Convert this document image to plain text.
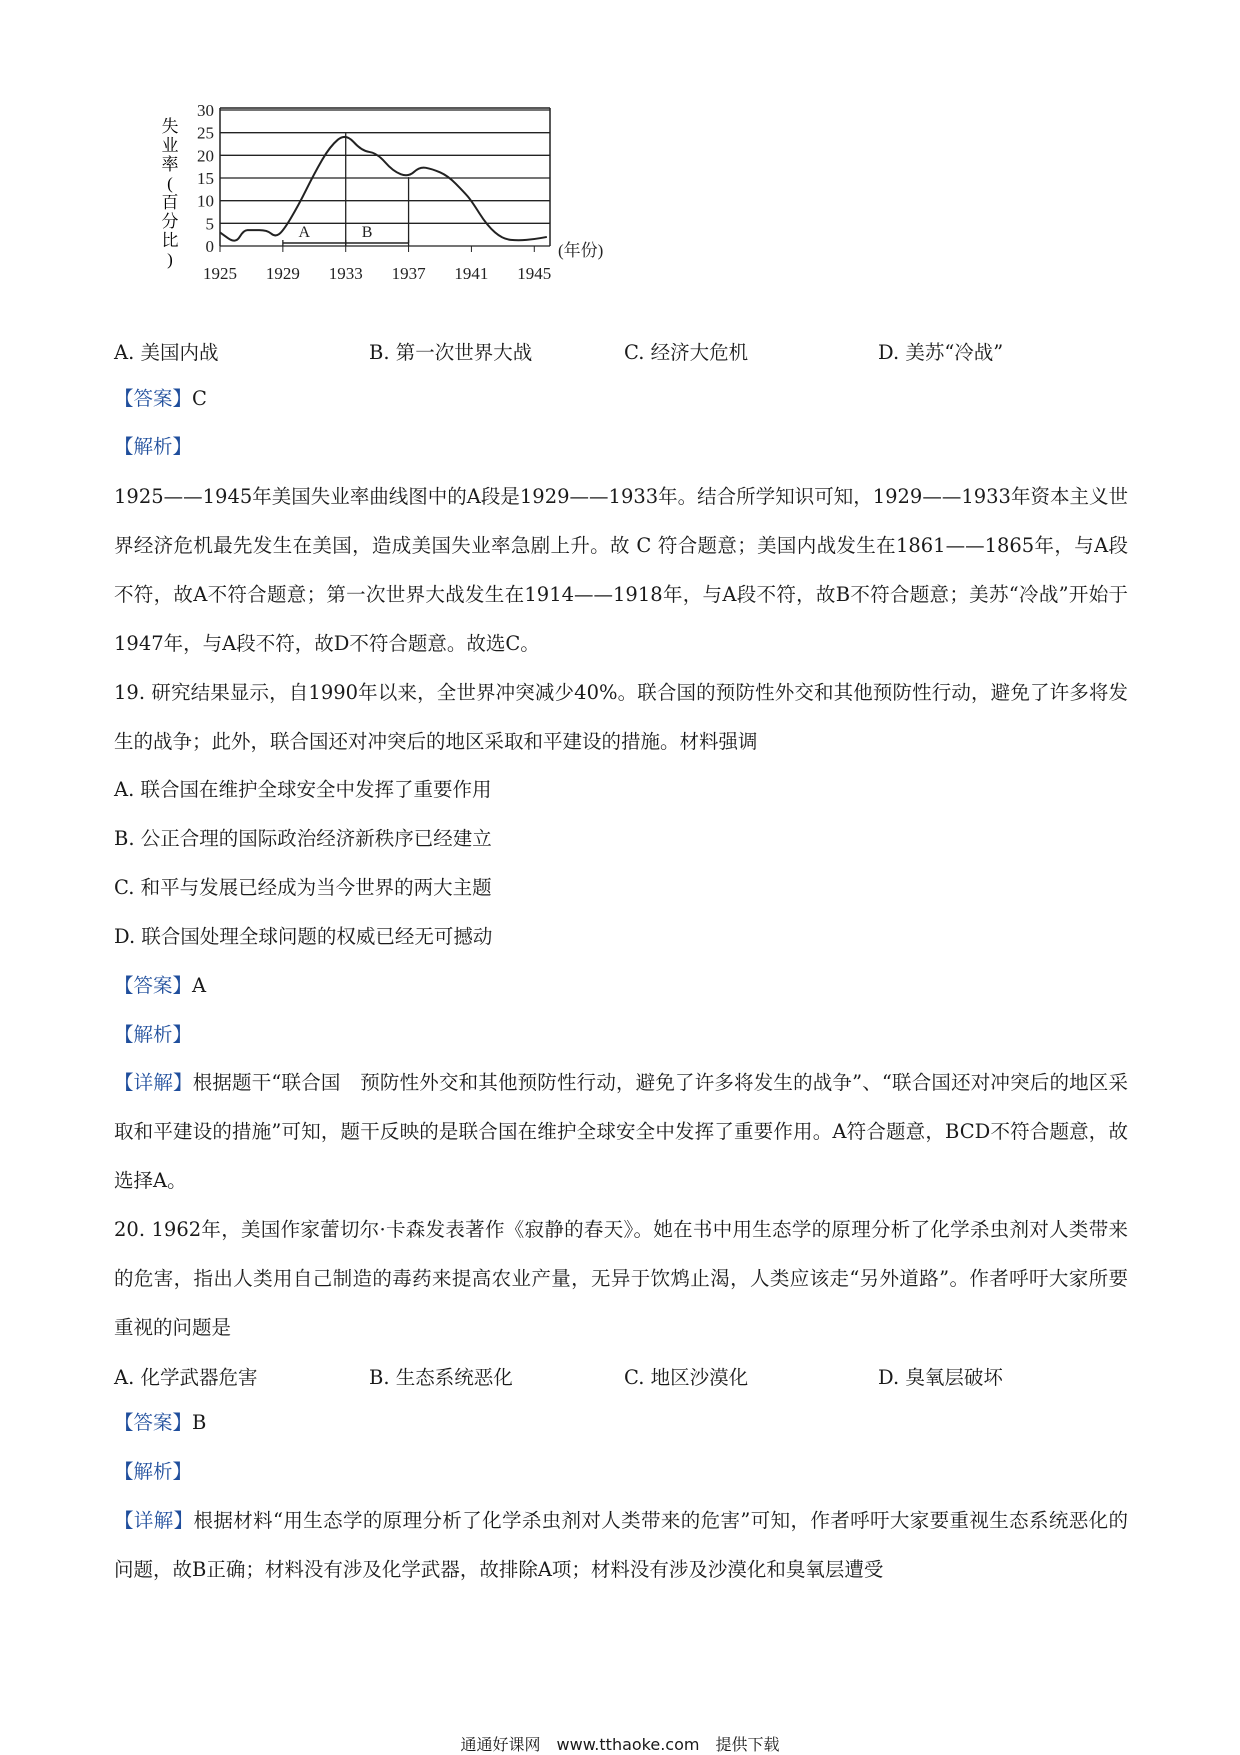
0
5
10
15
20
25
30
1925 1929 1933 1937 1941 1945
A	B
失业率(百分比)	(年份)
A. 美国内战	B. 第一次世界大战	C. 经济大危机	D. 美苏“冷战”
【答案】C
【解析】
1925——1945年美国失业率曲线图中的A段是1929——1933年。结合所学知识可知，1929——1933年资本主义世界经济危机最先发生在美国，造成美国失业率急剧上升。故 C 符合题意；美国内战发生在1861——1865年，与A段不符，故A不符合题意；第一次世界大战发生在1914——1918年，与A段不符，故B不符合题意；美苏“冷战”开始于1947年，与A段不符，故D不符合题意。故选C。
19. 研究结果显示，自1990年以来，全世界冲突减少40%。联合国的预防性外交和其他预防性行动，避免了许多将发生的战争；此外，联合国还对冲突后的地区采取和平建设的措施。材料强调
A. 联合国在维护全球安全中发挥了重要作用
B. 公正合理的国际政治经济新秩序已经建立
C. 和平与发展已经成为当今世界的两大主题
D. 联合国处理全球问题的权威已经无可撼动
【答案】A
【解析】
【详解】根据题干“联合国　预防性外交和其他预防性行动，避免了许多将发生的战争”、“联合国还对冲突后的地区采取和平建设的措施”可知，题干反映的是联合国在维护全球安全中发挥了重要作用。A符合题意，BCD不符合题意，故选择A。
20. 1962年，美国作家蕾切尔·卡森发表著作《寂静的春天》。她在书中用生态学的原理分析了化学杀虫剂对人类带来的危害，指出人类用自己制造的毒药来提高农业产量，无异于饮鸩止渴，人类应该走“另外道路”。作者呼吁大家所要重视的问题是
A. 化学武器危害	B. 生态系统恶化	C. 地区沙漠化	D. 臭氧层破坏
【答案】B
【解析】
【详解】根据材料“用生态学的原理分析了化学杀虫剂对人类带来的危害”可知，作者呼吁大家要重视生态系统恶化的问题，故B正确；材料没有涉及化学武器，故排除A项；材料没有涉及沙漠化和臭氧层遭受
通通好课网　www.tthaoke.com　提供下载
